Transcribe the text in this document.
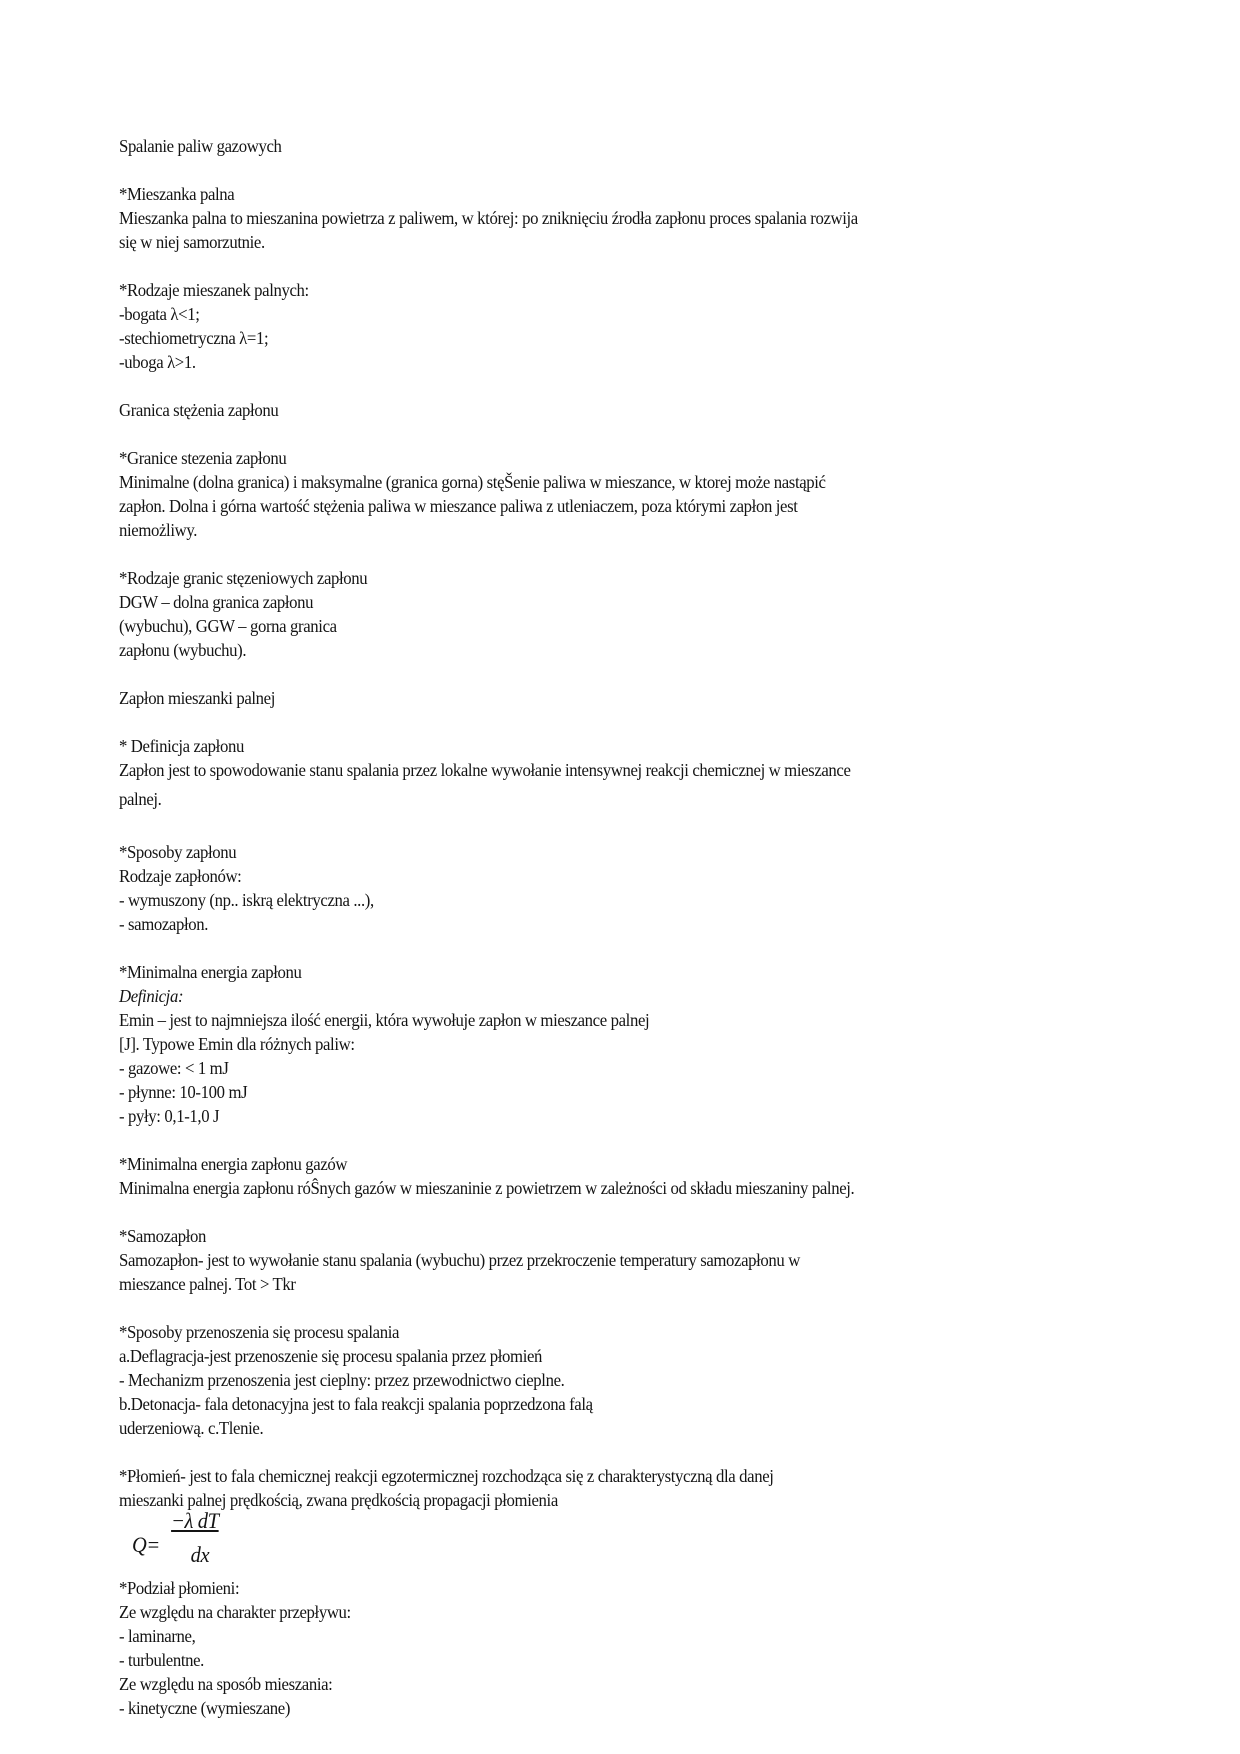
Spalanie paliw gazowych
*Mieszanka palna
Mieszanka palna to mieszanina powietrza z paliwem, w której: po zniknięciu źrodła zapłonu proces spalania rozwija
się w niej samorzutnie.
*Rodzaje mieszanek palnych:
-bogata λ<1;
-stechiometryczna λ=1;
-uboga λ>1.
Granica stężenia zapłonu
*Granice stezenia zapłonu
Minimalne (dolna granica) i maksymalne (granica gorna) stęŠenie paliwa w mieszance, w ktorej może nastąpić
zapłon. Dolna i górna wartość stężenia paliwa w mieszance paliwa z utleniaczem, poza którymi zapłon jest
niemożliwy.
*Rodzaje granic stęzeniowych zapłonu
DGW – dolna granica zapłonu
(wybuchu), GGW – gorna granica
zapłonu (wybuchu).
Zapłon mieszanki palnej
* Definicja zapłonu
Zapłon jest to spowodowanie stanu spalania przez lokalne wywołanie intensywnej reakcji chemicznej w mieszance
palnej.
*Sposoby zapłonu
Rodzaje zapłonów:
- wymuszony (np.. iskrą elektryczna ...),
- samozapłon.
*Minimalna energia zapłonu
Definicja:
Emin – jest to najmniejsza ilość energii, która wywołuje zapłon w mieszance palnej
[J]. Typowe Emin dla różnych paliw:
- gazowe: < 1 mJ
- płynne: 10-100 mJ
- pyły: 0,1-1,0 J
*Minimalna energia zapłonu gazów
Minimalna energia zapłonu róŜnych gazów w mieszaninie z powietrzem w zależności od składu mieszaniny palnej.
*Samozapłon
Samozapłon- jest to wywołanie stanu spalania (wybuchu) przez przekroczenie temperatury samozapłonu w
mieszance palnej. Tot > Tkr
*Sposoby przenoszenia się procesu spalania
a.Deflagracja-jest przenoszenie się procesu spalania przez płomień
- Mechanizm przenoszenia jest cieplny: przez przewodnictwo cieplne.
b.Detonacja- fala detonacyjna jest to fala reakcji spalania poprzedzona falą
uderzeniową. c.Tlenie.
*Płomień- jest to fala chemicznej reakcji egzotermicznej rozchodząca się z charakterystyczną dla danej
mieszanki palnej prędkością, zwana prędkością propagacji płomienia
Q=
−λ dT
dx
*Podział płomieni:
Ze względu na charakter przepływu:
- laminarne,
- turbulentne.
Ze względu na sposób mieszania:
- kinetyczne (wymieszane)
